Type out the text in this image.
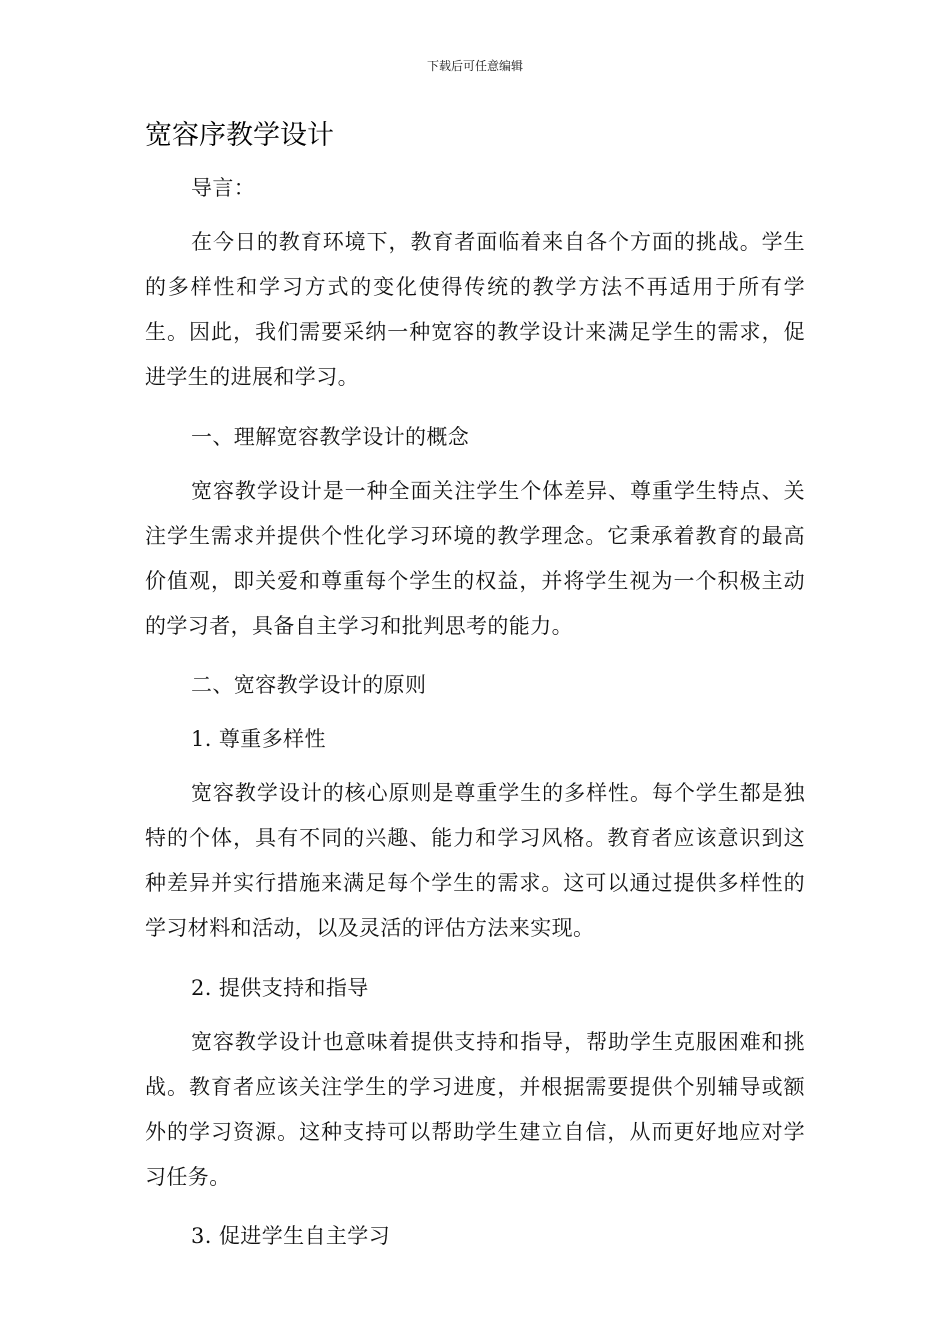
下载后可任意编辑
宽容序教学设计

导言：

在今日的教育环境下，教育者面临着来自各个方面的挑战。学生的多样性和学习方式的变化使得传统的教学方法不再适用于所有学生。因此，我们需要采纳一种宽容的教学设计来满足学生的需求，促进学生的进展和学习。

一、理解宽容教学设计的概念

宽容教学设计是一种全面关注学生个体差异、尊重学生特点、关注学生需求并提供个性化学习环境的教学理念。它秉承着教育的最高价值观，即关爱和尊重每个学生的权益，并将学生视为一个积极主动的学习者，具备自主学习和批判思考的能力。

二、宽容教学设计的原则

1. 尊重多样性

宽容教学设计的核心原则是尊重学生的多样性。每个学生都是独特的个体，具有不同的兴趣、能力和学习风格。教育者应该意识到这种差异并实行措施来满足每个学生的需求。这可以通过提供多样性的学习材料和活动，以及灵活的评估方法来实现。

2. 提供支持和指导

宽容教学设计也意味着提供支持和指导，帮助学生克服困难和挑战。教育者应该关注学生的学习进度，并根据需要提供个别辅导或额外的学习资源。这种支持可以帮助学生建立自信，从而更好地应对学习任务。

3. 促进学生自主学习
